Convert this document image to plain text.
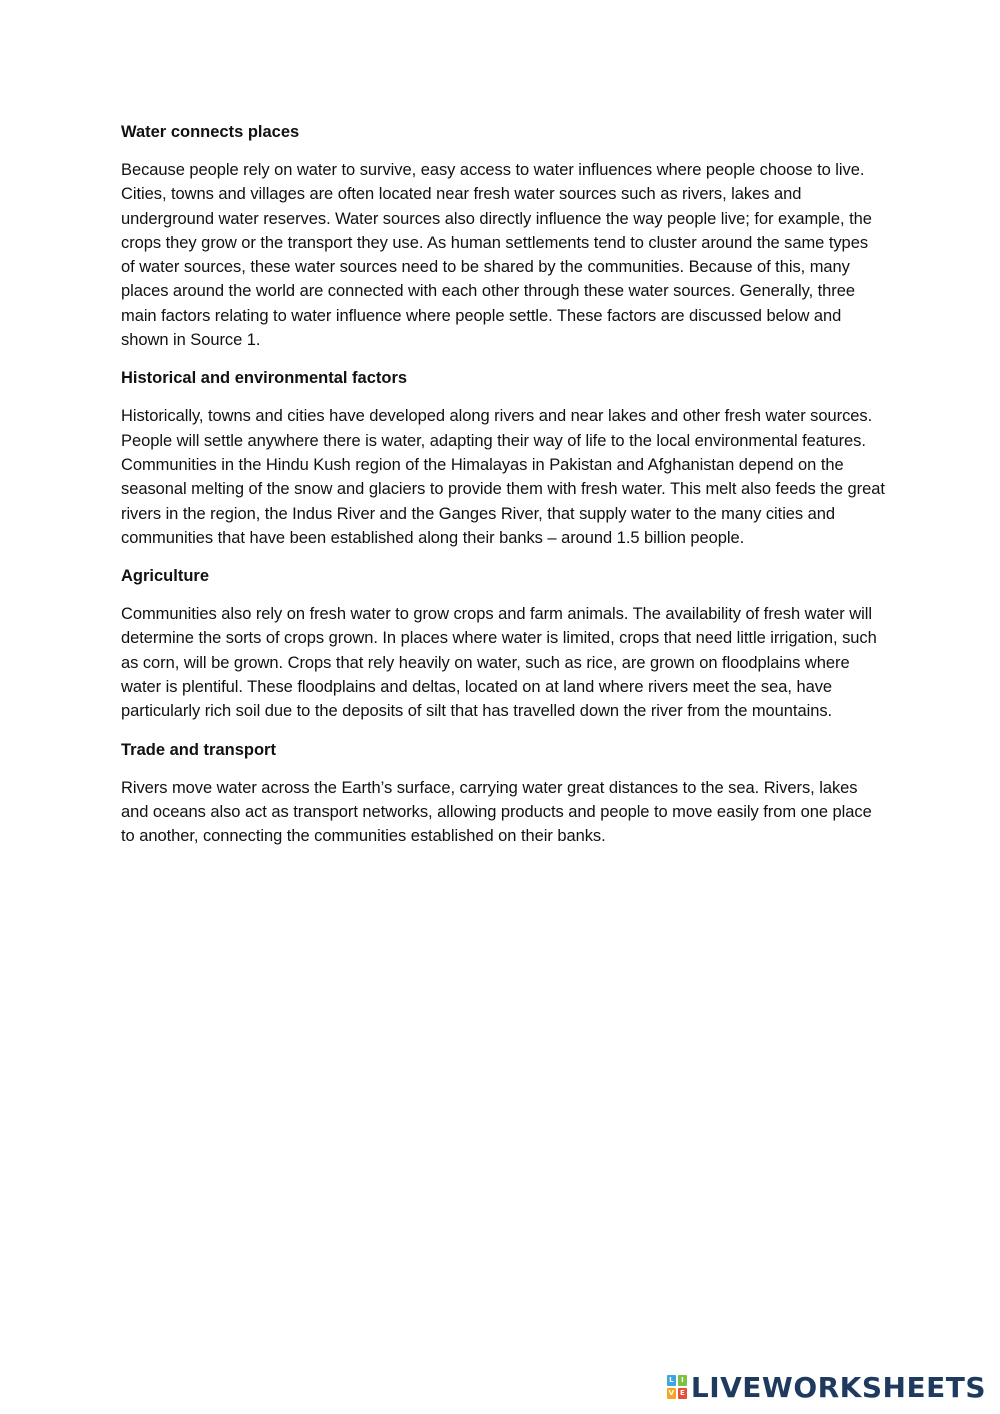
Water connects places

Because people rely on water to survive, easy access to water influences where people choose to live. Cities, towns and villages are often located near fresh water sources such as rivers, lakes and underground water reserves. Water sources also directly influence the way people live; for example, the crops they grow or the transport they use. As human settlements tend to cluster around the same types of water sources, these water sources need to be shared by the communities. Because of this, many places around the world are connected with each other through these water sources. Generally, three main factors relating to water influence where people settle. These factors are discussed below and shown in Source 1.

Historical and environmental factors

Historically, towns and cities have developed along rivers and near lakes and other fresh water sources. People will settle anywhere there is water, adapting their way of life to the local environmental features. Communities in the Hindu Kush region of the Himalayas in Pakistan and Afghanistan depend on the seasonal melting of the snow and glaciers to provide them with fresh water. This melt also feeds the great rivers in the region, the Indus River and the Ganges River, that supply water to the many cities and communities that have been established along their banks – around 1.5 billion people.

Agriculture

Communities also rely on fresh water to grow crops and farm animals. The availability of fresh water will determine the sorts of crops grown. In places where water is limited, crops that need little irrigation, such as corn, will be grown. Crops that rely heavily on water, such as rice, are grown on floodplains where water is plentiful. These floodplains and deltas, located on at land where rivers meet the sea, have particularly rich soil due to the deposits of silt that has travelled down the river from the mountains.

Trade and transport

Rivers move water across the Earth’s surface, carrying water great distances to the sea. Rivers, lakes and oceans also act as transport networks, allowing products and people to move easily from one place to another, connecting the communities established on their banks.

L	I
V E LIVEWORKSHEETS
